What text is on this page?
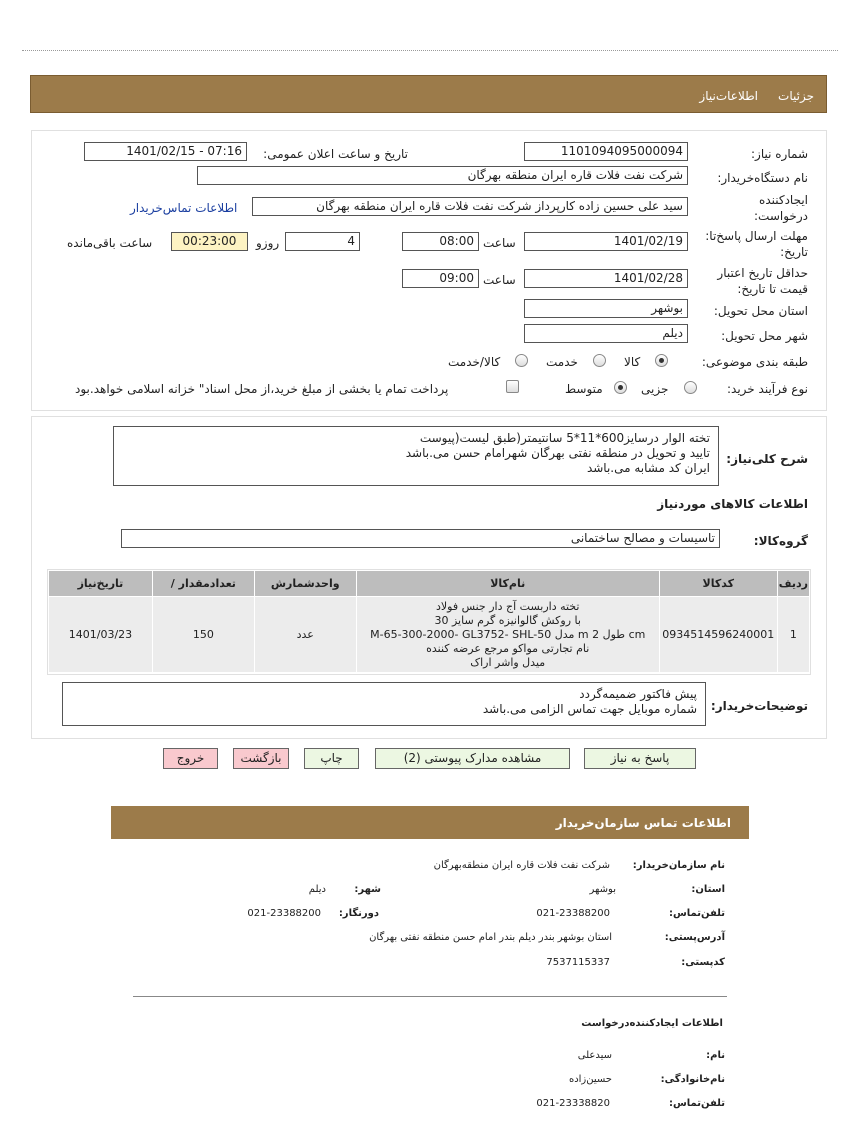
جزئیات
اطلاعات‌نیاز
شماره نیاز:
1101094095000094
تاریخ و ساعت اعلان عمومی:
1401/02/15 - 07:16
نام دستگاه‌خریدار:
شرکت نفت فلات قاره ایران منطقه بهرگان
ایجادکننده
درخواست:
سید علی حسین زاده کارپرداز شرکت نفت فلات قاره ایران منطقه بهرگان
اطلاعات تماس‌خریدار
مهلت ارسال پاسخ‌تا:
تاریخ:
1401/02/19
ساعت
08:00
4
روزو
00:23:00
ساعت باقی‌مانده
حداقل تاریخ اعتبار
قیمت تا تاریخ:
1401/02/28
ساعت
09:00
استان محل تحویل:
بوشهر
شهر محل تحویل:
دیلم
طبقه بندی موضوعی:
کالا
خدمت
کالا/خدمت
نوع فرآیند خرید:
جزیی
متوسط
پرداخت تمام یا بخشی از مبلغ خرید،از محل اسناد" خزانه اسلامی خواهد.بود
شرح کلی‌نیاز:
تخته الوار درسایز600*11*5 سانتیمتر(طبق لیست(پیوست
تایید و تحویل در منطقه نفتی بهرگان شهرامام حسن می.باشد
ایران کد مشابه می.باشد
اطلاعات کالاهای موردنیاز
گروه‌کالا:
تاسیسات و مصالح ساختمانی
ردیف	کدکالا	نام‌کالا	واحدشمارش	تعدادمقدار /	تاریخ‌نیاز
1	0934514596240001	تخته داربست آج دار جنس فولاد
با روکش گالوانیزه گرم سایز 30
cm طول 2 m مدل M-65-300-2000- GL3752- SHL-50
نام تجارتی مواکو مرجع عرضه کننده
میدل واشر اراک	عدد	150	1401/03/23
توضیحات‌خریدار:
پیش فاکتور ضمیمه‌گردد
شماره موبایل جهت تماس الزامی می.باشد
پاسخ به نیاز
مشاهده مدارک پیوستی (2)
چاپ
بازگشت
خروج
اطلاعات تماس سازمان‌خریدار
نام سازمان‌خریدار:
شرکت نفت فلات قاره ایران منطقه‌بهرگان
استان:
بوشهر
شهر:
دیلم
تلفن‌تماس:
021-23388200
دورنگار:
021-23388200
آدرس‌پستی:
استان بوشهر بندر دیلم بندر امام حسن منطقه نفتی بهرگان
کدپستی:
7537115337
اطلاعات ایجادکننده‌درخواست
نام:
سیدعلی
نام‌خانوادگی:
حسین‌زاده
تلفن‌تماس:
021-23338820
